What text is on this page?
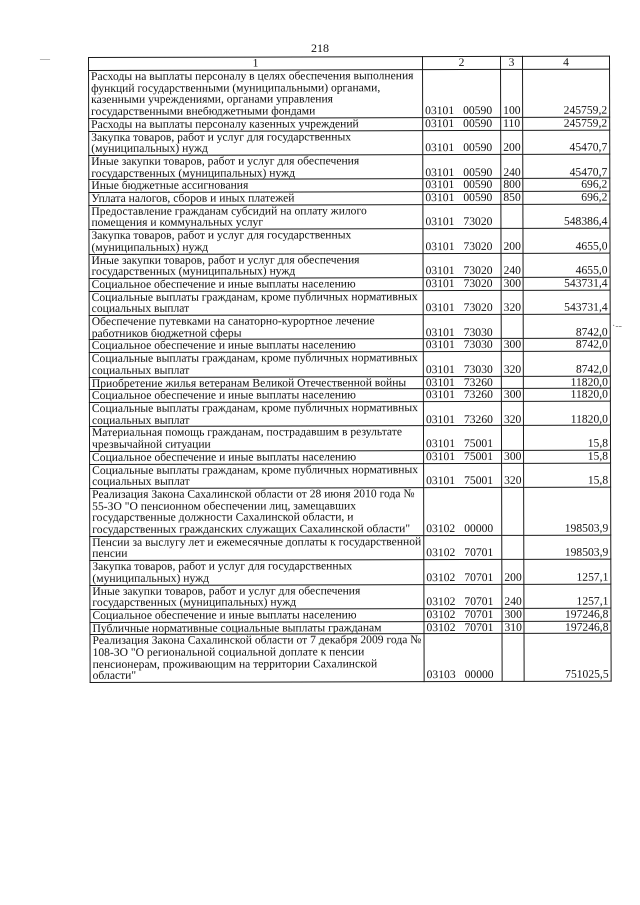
218
—
·--
1	2	3	4
Расходы на выплаты персоналу в целях обеспечения выполнения функций государственными (муниципальными) органами, казенными учреждениями, органами управления государственными внебюджетными фондами	03101 00590	100	245759,2
Расходы на выплаты персоналу казенных учреждений	03101 00590	110	245759,2
Закупка товаров, работ и услуг для государственных (муниципальных) нужд	03101 00590	200	45470,7
Иные закупки товаров, работ и услуг для обеспечения государственных (муниципальных) нужд	03101 00590	240	45470,7
Иные бюджетные ассигнования	03101 00590	800	696,2
Уплата налогов, сборов и иных платежей	03101 00590	850	696,2
Предоставление гражданам субсидий на оплату жилого помещения и коммунальных услуг	03101 73020		548386,4
Закупка товаров, работ и услуг для государственных (муниципальных) нужд	03101 73020	200	4655,0
Иные закупки товаров, работ и услуг для обеспечения государственных (муниципальных) нужд	03101 73020	240	4655,0
Социальное обеспечение и иные выплаты населению	03101 73020	300	543731,4
Социальные выплаты гражданам, кроме публичных нормативных социальных выплат	03101 73020	320	543731,4
Обеспечение путевками на санаторно-курортное лечение работников бюджетной сферы	03101 73030		8742,0
Социальное обеспечение и иные выплаты населению	03101 73030	300	8742,0
Социальные выплаты гражданам, кроме публичных нормативных социальных выплат	03101 73030	320	8742,0
Приобретение жилья ветеранам Великой Отечественной войны	03101 73260		11820,0
Социальное обеспечение и иные выплаты населению	03101 73260	300	11820,0
Социальные выплаты гражданам, кроме публичных нормативных социальных выплат	03101 73260	320	11820,0
Материальная помощь гражданам, пострадавшим в результате чрезвычайной ситуации	03101 75001		15,8
Социальное обеспечение и иные выплаты населению	03101 75001	300	15,8
Социальные выплаты гражданам, кроме публичных нормативных социальных выплат	03101 75001	320	15,8
Реализация Закона Сахалинской области от 28 июня 2010 года № 55-ЗО "О пенсионном обеспечении лиц, замещавших государственные должности Сахалинской области, и государственных гражданских служащих Сахалинской области"	03102 00000		198503,9
Пенсии за выслугу лет и ежемесячные доплаты к государственной пенсии	03102 70701		198503,9
Закупка товаров, работ и услуг для государственных (муниципальных) нужд	03102 70701	200	1257,1
Иные закупки товаров, работ и услуг для обеспечения государственных (муниципальных) нужд	03102 70701	240	1257,1
Социальное обеспечение и иные выплаты населению	03102 70701	300	197246,8
Публичные нормативные социальные выплаты гражданам	03102 70701	310	197246,8
Реализация Закона Сахалинской области от 7 декабря 2009 года № 108-ЗО "О региональной социальной доплате к пенсии пенсионерам, проживающим на территории Сахалинской области"	03103 00000		751025,5
